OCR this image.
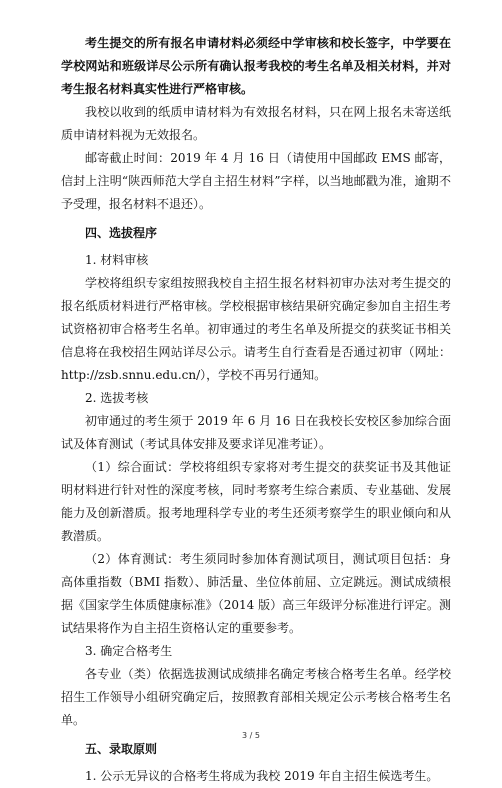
考生提交的所有报名申请材料必须经中学审核和校长签字，中学要在学校网站和班级详尽公示所有确认报考我校的考生名单及相关材料，并对考生报名材料真实性进行严格审核。

我校以收到的纸质申请材料为有效报名材料，只在网上报名未寄送纸质申请材料视为无效报名。

邮寄截止时间：2019 年 4 月 16 日（请使用中国邮政 EMS 邮寄，信封上注明“陕西师范大学自主招生材料”字样，以当地邮戳为准，逾期不予受理，报名材料不退还）。

四、选拔程序

1. 材料审核

学校将组织专家组按照我校自主招生报名材料初审办法对考生提交的报名纸质材料进行严格审核。学校根据审核结果研究确定参加自主招生考试资格初审合格考生名单。初审通过的考生名单及所提交的获奖证书相关信息将在我校招生网站详尽公示。请考生自行查看是否通过初审（网址：http://zsb.snnu.edu.cn/），学校不再另行通知。

2. 选拔考核

初审通过的考生须于 2019 年 6 月 16 日在我校长安校区参加综合面试及体育测试（考试具体安排及要求详见准考证）。

（1）综合面试：学校将组织专家将对考生提交的获奖证书及其他证明材料进行针对性的深度考核，同时考察考生综合素质、专业基础、发展能力及创新潜质。报考地理科学专业的考生还须考察学生的职业倾向和从教潜质。

（2）体育测试：考生须同时参加体育测试项目，测试项目包括：身高体重指数（BMI 指数）、肺活量、坐位体前屈、立定跳远。测试成绩根据《国家学生体质健康标准》（2014 版）高三年级评分标准进行评定。测试结果将作为自主招生资格认定的重要参考。

3. 确定合格考生

各专业（类）依据选拔测试成绩排名确定考核合格考生名单。经学校招生工作领导小组研究确定后，按照教育部相关规定公示考核合格考生名单。

五、录取原则

1. 公示无异议的合格考生将成为我校 2019 年自主招生候选考生。

3 / 5
